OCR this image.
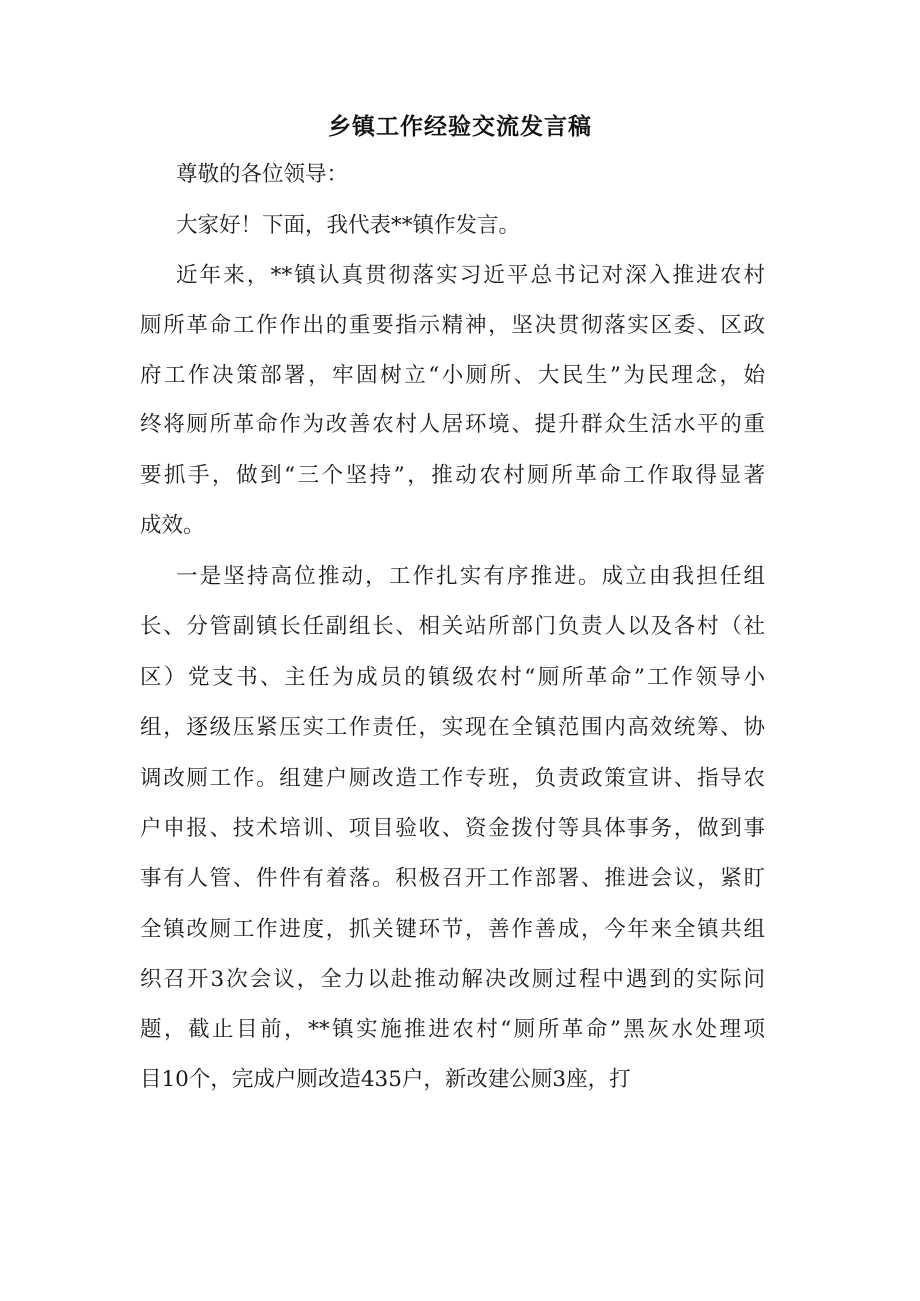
乡镇工作经验交流发言稿
尊敬的各位领导：
大家好！下面，我代表**镇作发言。
近年来，**镇认真贯彻落实习近平总书记对深入推进农村
厕所革命工作作出的重要指示精神，坚决贯彻落实区委、区政
府工作决策部署，牢固树立“小厕所、大民生”为民理念，始
终将厕所革命作为改善农村人居环境、提升群众生活水平的重
要抓手，做到“三个坚持”，推动农村厕所革命工作取得显著
成效。
一是坚持高位推动，工作扎实有序推进。成立由我担任组
长、分管副镇长任副组长、相关站所部门负责人以及各村（社
区）党支书、主任为成员的镇级农村“厕所革命”工作领导小
组，逐级压紧压实工作责任，实现在全镇范围内高效统筹、协
调改厕工作。组建户厕改造工作专班，负责政策宣讲、指导农
户申报、技术培训、项目验收、资金拨付等具体事务，做到事
事有人管、件件有着落。积极召开工作部署、推进会议，紧盯
全镇改厕工作进度，抓关键环节，善作善成，今年来全镇共组
织召开3次会议，全力以赴推动解决改厕过程中遇到的实际问
题，截止目前，**镇实施推进农村“厕所革命”黑灰水处理项
目10个，完成户厕改造435户，新改建公厕3座，打
